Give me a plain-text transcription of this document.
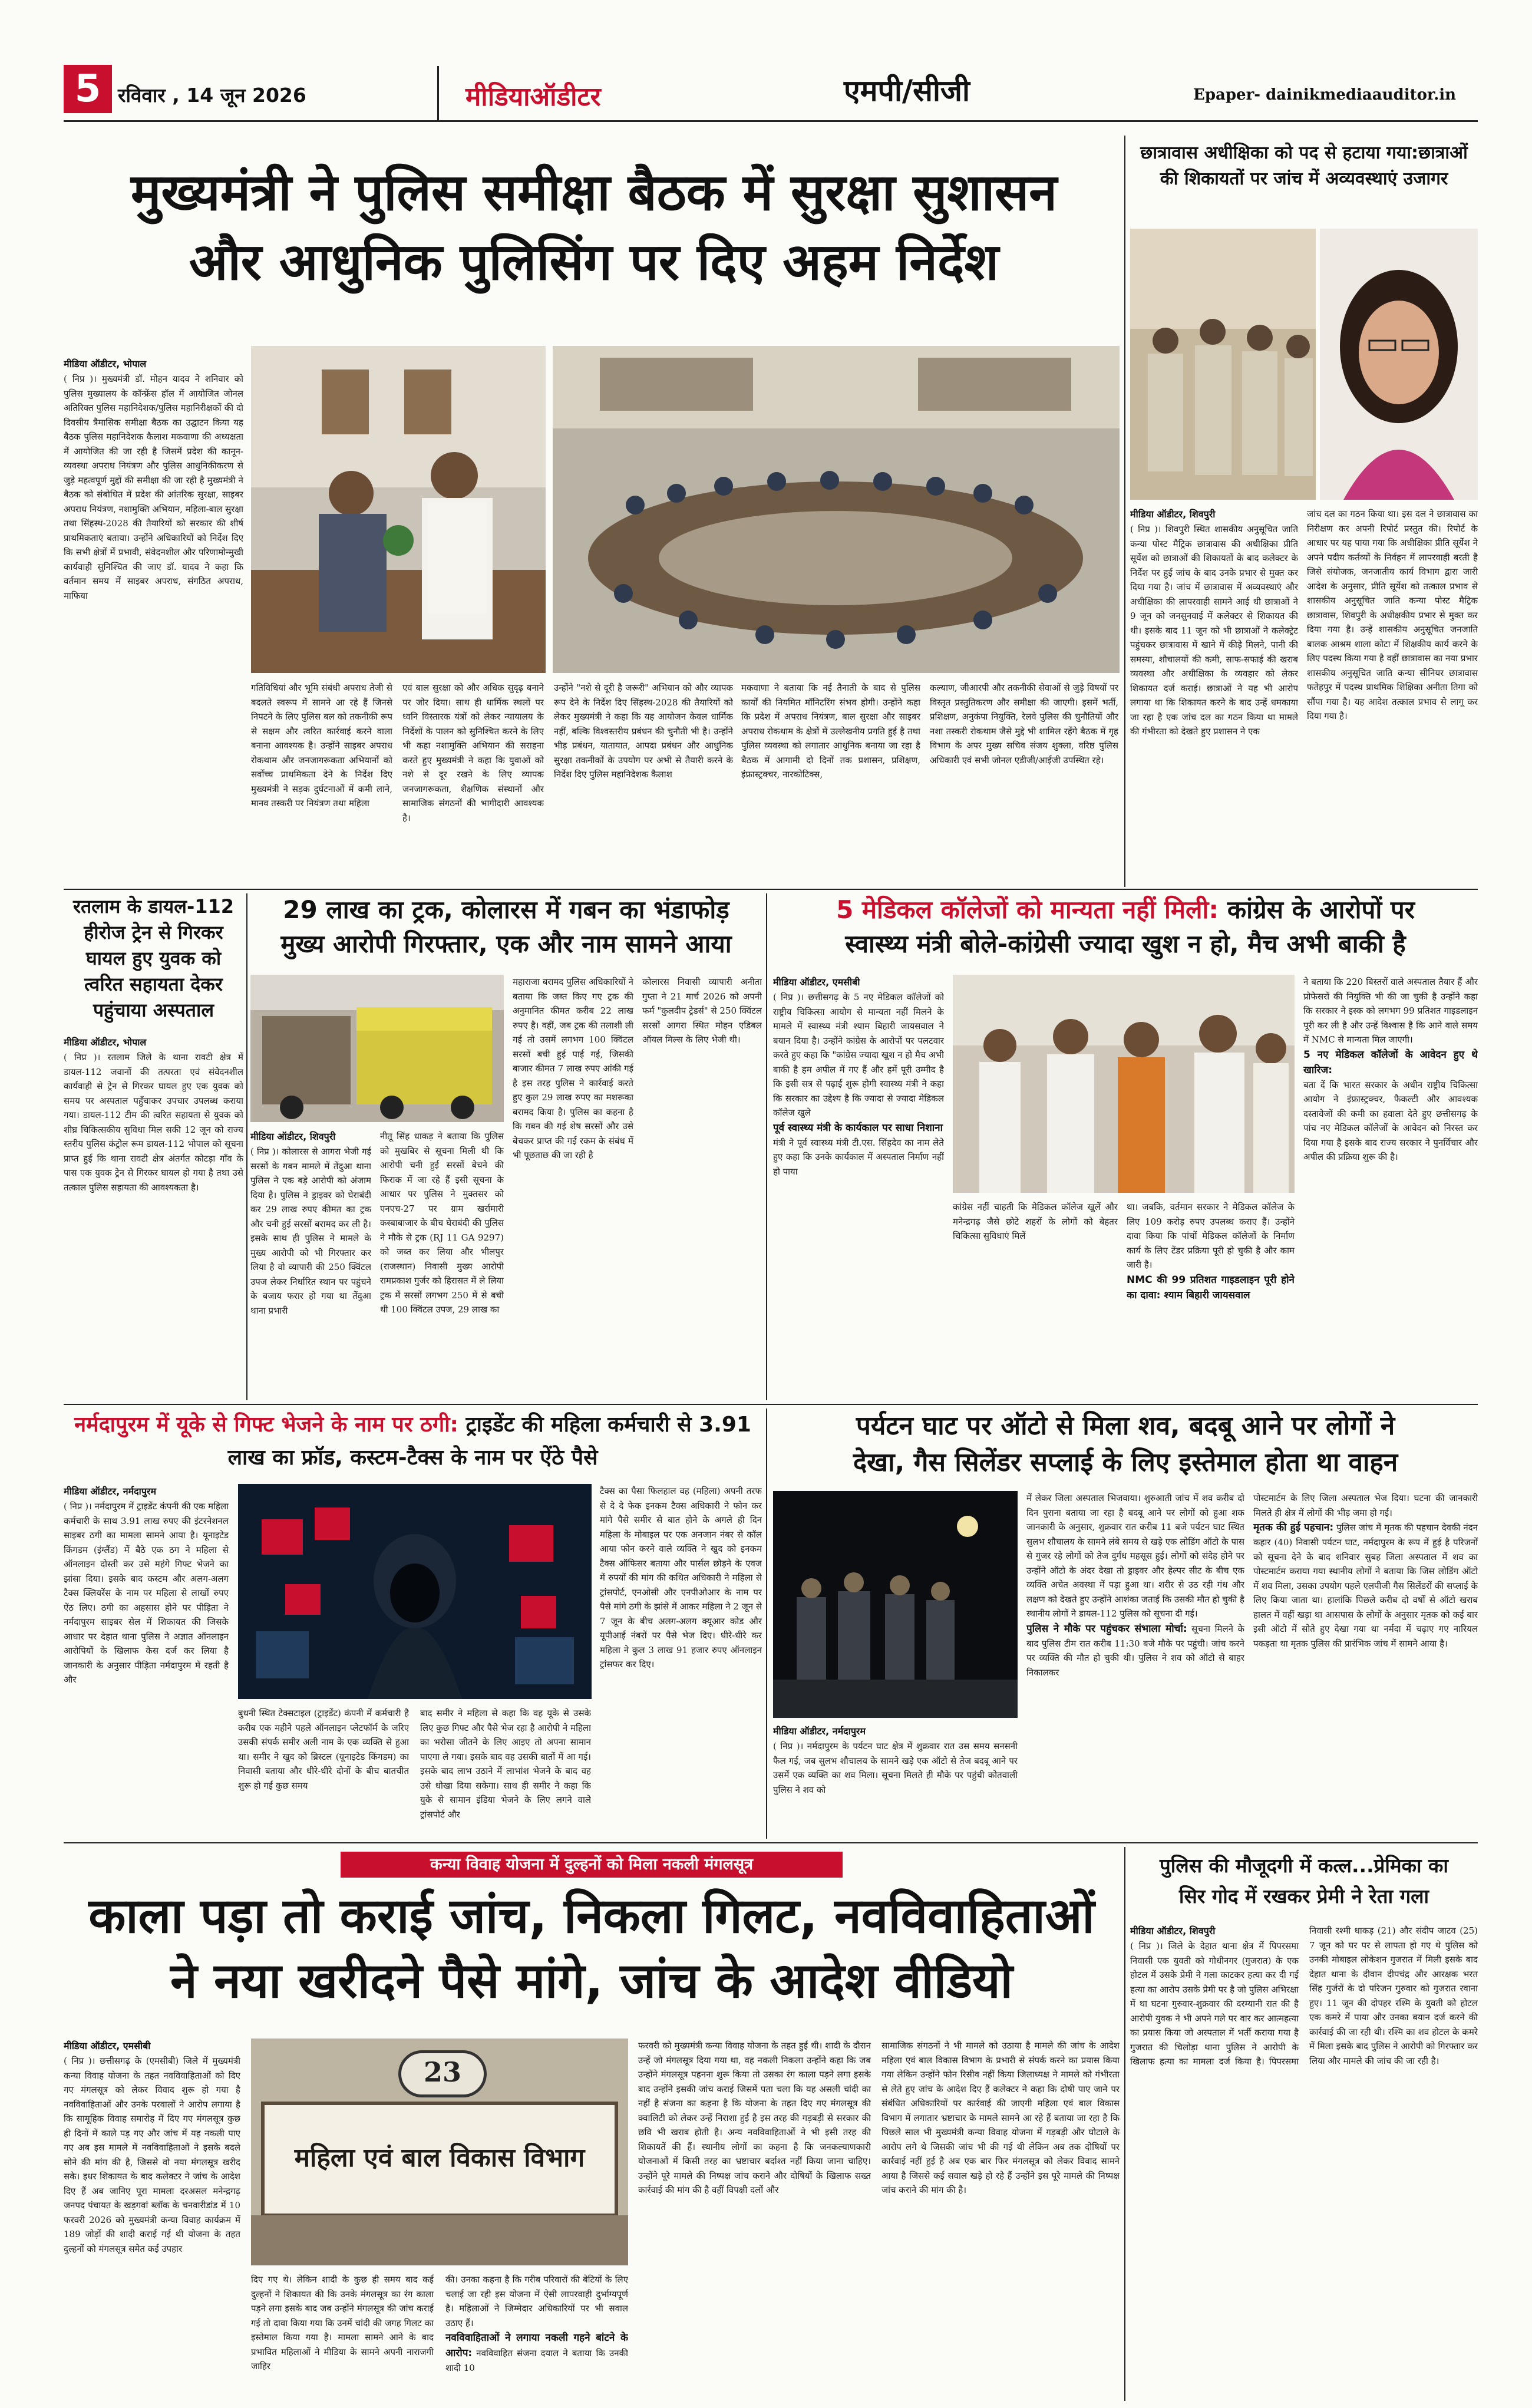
5 रविवार , 14 जून 2026	मीडियाऑडीटर	एमपी/सीजी	Epaper- dainikmediaauditor.in
मुख्यमंत्री ने पुलिस समीक्षा बैठक में सुरक्षा सुशासन
और आधुनिक पुलिसिंग पर दिए अहम निर्देश
मीडिया ऑडीटर, भोपाल
( निप्र )। मुख्यमंत्री डॉ. मोहन यादव ने शनिवार को पुलिस मुख्यालय के कॉन्फ्रेंस हॉल में आयोजित जोनल अतिरिक्त पुलिस महानिदेशक/पुलिस महानिरीक्षकों की दो दिवसीय त्रैमासिक समीक्षा बैठक का उद्घाटन किया यह बैठक पुलिस महानिदेशक कैलाश मकवाणा की अध्यक्षता में आयोजित की जा रही है जिसमें प्रदेश की कानून-व्यवस्था अपराध नियंत्रण और पुलिस आधुनिकीकरण से जुड़े महत्वपूर्ण मुद्दों की समीक्षा की जा रही है मुख्यमंत्री ने बैठक को संबोधित में प्रदेश की आंतरिक सुरक्षा, साइबर अपराध नियंत्रण, नशामुक्ति अभियान, महिला-बाल सुरक्षा तथा सिंहस्थ-2028 की तैयारियों को सरकार की शीर्ष प्राथमिकताएं बताया। उन्होंने अधिकारियों को निर्देश दिए कि सभी क्षेत्रों में प्रभावी, संवेदनशील और परिणामोन्मुखी कार्यवाही सुनिश्चित की जाए डॉ. यादव ने कहा कि वर्तमान समय में साइबर अपराध, संगठित अपराध, माफिया
गतिविधियां और भूमि संबंधी अपराध तेजी से बदलते स्वरूप में सामने आ रहे हैं जिनसे निपटने के लिए पुलिस बल को तकनीकी रूप से सक्षम और त्वरित कार्रवाई करने वाला बनाना आवश्यक है। उन्होंने साइबर अपराध रोकथाम और जनजागरूकता अभियानों को सर्वोच्च प्राथमिकता देने के निर्देश दिए मुख्यमंत्री ने सड़क दुर्घटनाओं में कमी लाने, मानव तस्करी पर नियंत्रण तथा महिला
एवं बाल सुरक्षा को और अधिक सुदृढ़ बनाने पर जोर दिया। साथ ही धार्मिक स्थलों पर ध्वनि विस्तारक यंत्रों को लेकर न्यायालय के निर्देशों के पालन को सुनिश्चित करने के लिए भी कहा नशामुक्ति अभियान की सराहना करते हुए मुख्यमंत्री ने कहा कि युवाओं को नशे से दूर रखने के लिए व्यापक जनजागरूकता, शैक्षणिक संस्थानों और सामाजिक संगठनों की भागीदारी आवश्यक है।
उन्होंने "नशे से दूरी है जरूरी" अभियान को और व्यापक रूप देने के निर्देश दिए सिंहस्थ-2028 की तैयारियों को लेकर मुख्यमंत्री ने कहा कि यह आयोजन केवल धार्मिक नहीं, बल्कि विश्वस्तरीय प्रबंधन की चुनौती भी है। उन्होंने भीड़ प्रबंधन, यातायात, आपदा प्रबंधन और आधुनिक सुरक्षा तकनीकों के उपयोग पर अभी से तैयारी करने के निर्देश दिए पुलिस महानिदेशक कैलाश
मकवाणा ने बताया कि नई तैनाती के बाद से पुलिस कार्यों की नियमित मॉनिटरिंग संभव होगी। उन्होंने कहा कि प्रदेश में अपराध नियंत्रण, बाल सुरक्षा और साइबर अपराध रोकथाम के क्षेत्रों में उल्लेखनीय प्रगति हुई है तथा पुलिस व्यवस्था को लगातार आधुनिक बनाया जा रहा है बैठक में आगामी दो दिनों तक प्रशासन, प्रशिक्षण, इंफ्रास्ट्रक्चर, नारकोटिक्स,
कल्याण, जीआरपी और तकनीकी सेवाओं से जुड़े विषयों पर विस्तृत प्रस्तुतिकरण और समीक्षा की जाएगी। इसमें भर्ती, प्रशिक्षण, अनुकंपा नियुक्ति, रेलवे पुलिस की चुनौतियों और नशा तस्करी रोकथाम जैसे मुद्दे भी शामिल रहेंगे बैठक में गृह विभाग के अपर मुख्य सचिव संजय शुक्ला, वरिष्ठ पुलिस अधिकारी एवं सभी जोनल एडीजी/आईजी उपस्थित रहे।
छात्रावास अधीक्षिका को पद से हटाया गया:छात्राओं की शिकायतों पर जांच में अव्यवस्थाएं उजागर
मीडिया ऑडीटर, शिवपुरी
( निप्र )। शिवपुरी स्थित शासकीय अनुसूचित जाति कन्या पोस्ट मैट्रिक छात्रावास की अधीक्षिका प्रीति सूर्येश को छात्राओं की शिकायतों के बाद कलेक्टर के निर्देश पर हुई जांच के बाद उनके प्रभार से मुक्त कर दिया गया है। जांच में छात्रावास में अव्यवस्थाएं और अधीक्षिका की लापरवाही सामने आई थी छात्राओं ने 9 जून को जनसुनवाई में कलेक्टर से शिकायत की थी। इसके बाद 11 जून को भी छात्राओं ने कलेक्ट्रेट पहुंचकर छात्रावास में खाने में कीड़े मिलने, पानी की समस्या, शौचालयों की कमी, साफ-सफाई की खराब व्यवस्था और अधीक्षिका के व्यवहार को लेकर शिकायत दर्ज कराई। छात्राओं ने यह भी आरोप लगाया था कि शिकायत करने के बाद उन्हें धमकाया जा रहा है एक जांच दल का गठन किया था मामले की गंभीरता को देखते हुए प्रशासन ने एक
जांच दल का गठन किया था। इस दल ने छात्रावास का निरीक्षण कर अपनी रिपोर्ट प्रस्तुत की। रिपोर्ट के आधार पर यह पाया गया कि अधीक्षिका प्रीति सूर्येश ने अपने पदीय कर्तव्यों के निर्वहन में लापरवाही बरती है जिसे संयोजक, जनजातीय कार्य विभाग द्वारा जारी आदेश के अनुसार, प्रीति सूर्येश को तत्काल प्रभाव से शासकीय अनुसूचित जाति कन्या पोस्ट मैट्रिक छात्रावास, शिवपुरी के अधीक्षकीय प्रभार से मुक्त कर दिया गया है। उन्हें शासकीय अनुसूचित जनजाति बालक आश्रम शाला कोटा में शिक्षकीय कार्य करने के लिए पदस्थ किया गया है वहीं छात्रावास का नया प्रभार शासकीय अनुसूचित जाति कन्या सीनियर छात्रावास फतेहपुर में पदस्थ प्राथमिक शिक्षिका अनीता तिगा को सौंपा गया है। यह आदेश तत्काल प्रभाव से लागू कर दिया गया है।
रतलाम के डायल-112 हीरोज ट्रेन से गिरकर घायल हुए युवक को त्वरित सहायता देकर पहुंचाया अस्पताल
मीडिया ऑडीटर, भोपाल
( निप्र )। रतलाम जिले के थाना रावटी क्षेत्र में डायल-112 जवानों की तत्परता एवं संवेदनशील कार्यवाही से ट्रेन से गिरकर घायल हुए एक युवक को समय पर अस्पताल पहुँचाकर उपचार उपलब्ध कराया गया। डायल-112 टीम की त्वरित सहायता से युवक को शीघ्र चिकित्सकीय सुविधा मिल सकी 12 जून को राज्य स्तरीय पुलिस कंट्रोल रूम डायल-112 भोपाल को सूचना प्राप्त हुई कि थाना रावटी क्षेत्र अंतर्गत कोटड़ा गाँव के पास एक युवक ट्रेन से गिरकर घायल हो गया है तथा उसे तत्काल पुलिस सहायता की आवश्यकता है।
29 लाख का ट्रक, कोलारस में गबन का भंडाफोड़
मुख्य आरोपी गिरफ्तार, एक और नाम सामने आया
मीडिया ऑडीटर, शिवपुरी
( निप्र )। कोलारस से आगरा भेजी गई सरसों के गबन मामले में तेंदुआ थाना पुलिस ने एक बड़े आरोपी को अंजाम दिया है। पुलिस ने ड्राइवर को घेराबंदी कर 29 लाख रुपए कीमत का ट्रक और चनी हुई सरसों बरामद कर ली है। इसके साथ ही पुलिस ने मामले के मुख्य आरोपी को भी गिरफ्तार कर लिया है वो व्यापारी की 250 क्विंटल उपज लेकर निर्धारित स्थान पर पहुंचने के बजाय फरार हो गया था तेंदुआ थाना प्रभारी
नीतू सिंह धाकड़ ने बताया कि पुलिस को मुखबिर से सूचना मिली थी कि आरोपी चनी हुई सरसों बेचने की फिराक में जा रहे हैं इसी सूचना के आधार पर पुलिस ने मुक्तसर को एनएच-27 पर ग्राम खर्रामारी कस्बाबाजार के बीच घेराबंदी की पुलिस ने मौके से ट्रक (RJ 11 GA 9297) को जब्त कर लिया और भीलपुर (राजस्थान) निवासी मुख्य आरोपी रामप्रकाश गुर्जर को हिरासत में ले लिया ट्रक में सरसों लगभग 250 में से बची थी 100 क्विंटल उपज, 29 लाख का
महाराजा बरामद पुलिस अधिकारियों ने बताया कि जब्त किए गए ट्रक की अनुमानित कीमत करीब 22 लाख रुपए है। वहीं, जब ट्रक की तलाशी ली गई तो उसमें लगभग 100 क्विंटल सरसों बची हुई पाई गई, जिसकी बाजार कीमत 7 लाख रुपए आंकी गई है इस तरह पुलिस ने कार्रवाई करते हुए कुल 29 लाख रुपए का मशरूका बरामद किया है। पुलिस का कहना है कि गबन की गई शेष सरसों और उसे बेचकर प्राप्त की गई रकम के संबंध में भी पूछताछ की जा रही है
कोलारस निवासी व्यापारी अनीता गुप्ता ने 21 मार्च 2026 को अपनी फर्म "कुलदीप ट्रेडर्स" से 250 क्विंटल सरसों आगरा स्थित मोहन एडिबल ऑयल मिल्स के लिए भेजी थी।
5 मेडिकल कॉलेजों को मान्यता नहीं मिली: कांग्रेस के आरोपों पर
स्वास्थ्य मंत्री बोले-कांग्रेसी ज्यादा खुश न हो, मैच अभी बाकी है
मीडिया ऑडीटर, एमसीबी
( निप्र )। छत्तीसगढ़ के 5 नए मेडिकल कॉलेजों को राष्ट्रीय चिकित्सा आयोग से मान्यता नहीं मिलने के मामले में स्वास्थ्य मंत्री श्याम बिहारी जायसवाल ने बयान दिया है। उन्होंने कांग्रेस के आरोपों पर पलटवार करते हुए कहा कि "कांग्रेस ज्यादा खुश न हो मैच अभी बाकी है हम अपील में गए हैं और हमें पूरी उम्मीद है कि इसी सत्र से पढ़ाई शुरू होगी स्वास्थ्य मंत्री ने कहा कि सरकार का उद्देश्य है कि ज्यादा से ज्यादा मेडिकल कॉलेज खुले
पूर्व स्वास्थ्य मंत्री के कार्यकाल पर साधा निशाना
मंत्री ने पूर्व स्वास्थ्य मंत्री टी.एस. सिंहदेव का नाम लेते हुए कहा कि उनके कार्यकाल में अस्पताल निर्माण नहीं हो पाया
कांग्रेस नहीं चाहती कि मेडिकल कॉलेज खुलें और मनेन्द्रगढ़ जैसे छोटे शहरों के लोगों को बेहतर चिकित्सा सुविधाएं मिलें
था। जबकि, वर्तमान सरकार ने मेडिकल कॉलेज के लिए 109 करोड़ रुपए उपलब्ध कराए हैं। उन्होंने दावा किया कि पांचों मेडिकल कॉलेजों के निर्माण कार्य के लिए टेंडर प्रक्रिया पूरी हो चुकी है और काम जारी है।
NMC की 99 प्रतिशत गाइडलाइन पूरी होने का दावा: श्याम बिहारी जायसवाल
ने बताया कि 220 बिस्तरों वाले अस्पताल तैयार हैं और प्रोफेसरों की नियुक्ति भी की जा चुकी है उन्होंने कहा कि सरकार ने इस्क को लगभग 99 प्रतिशत गाइडलाइन पूरी कर ली है और उन्हें विश्वास है कि आने वाले समय में NMC से मान्यता मिल जाएगी।
5 नए मेडिकल कॉलेजों के आवेदन हुए थे खारिज:
बता दें कि भारत सरकार के अधीन राष्ट्रीय चिकित्सा आयोग ने इंफ्रास्ट्रक्चर, फैकल्टी और आवश्यक दस्तावेजों की कमी का हवाला देते हुए छत्तीसगढ़ के पांच नए मेडिकल कॉलेजों के आवेदन को निरस्त कर दिया गया है इसके बाद राज्य सरकार ने पुनर्विचार और अपील की प्रक्रिया शुरू की है।
नर्मदापुरम में यूके से गिफ्ट भेजने के नाम पर ठगी: ट्राइडेंट की महिला कर्मचारी से 3.91 लाख का फ्रॉड, कस्टम-टैक्स के नाम पर ऐंठे पैसे
मीडिया ऑडीटर, नर्मदापुरम
( निप्र )। नर्मदापुरम में ट्राइडेंट कंपनी की एक महिला कर्मचारी के साथ 3.91 लाख रुपए की इंटरनेशनल साइबर ठगी का मामला सामने आया है। यूनाइटेड किंगडम (इंग्लैंड) में बैठे एक ठग ने महिला से ऑनलाइन दोस्ती कर उसे महंगे गिफ्ट भेजने का झांसा दिया। इसके बाद कस्टम और अलग-अलग टैक्स क्लियरेंस के नाम पर महिला से लाखों रुपए ऐंठ लिए। ठगी का अहसास होने पर पीड़िता ने नर्मदापुरम साइबर सेल में शिकायत की जिसके आधार पर देहात थाना पुलिस ने अज्ञात ऑनलाइन आरोपियों के खिलाफ केस दर्ज कर लिया है जानकारी के अनुसार पीड़िता नर्मदापुरम में रहती है और
बुधनी स्थित टेक्सटाइल (ट्राइडेंट) कंपनी में कर्मचारी है करीब एक महीने पहले ऑनलाइन प्लेटफॉर्म के जरिए उसकी संपर्क समीर अली नाम के एक व्यक्ति से हुआ था। समीर ने खुद को ब्रिस्टल (यूनाइटेड किंगडम) का निवासी बताया और धीरे-धीरे दोनों के बीच बातचीत शुरू हो गई कुछ समय
बाद समीर ने महिला से कहा कि वह यूके से उसके लिए कुछ गिफ्ट और पैसे भेज रहा है आरोपी ने महिला का भरोसा जीतने के लिए आइए तो अपना सामान पाएगा ले गया। इसके बाद वह उसकी बातों में आ गई। इसके बाद लाभ उठाने में लाभांश भेजने के बाद वह उसे धोखा दिया सकेगा। साथ ही समीर ने कहा कि युके से सामान इंडिया भेजने के लिए लगने वाले ट्रांसपोर्ट और
टैक्स का पैसा फिलहाल वह (महिला) अपनी तरफ से दे दे फेक इनकम टैक्स अधिकारी ने फोन कर मांगे पैसे समीर से बात होने के अगले ही दिन महिला के मोबाइल पर एक अनजान नंबर से कॉल आया फोन करने वाले व्यक्ति ने खुद को इनकम टैक्स ऑफिसर बताया और पार्सल छोड़ने के एवज में रुपयों की मांग की कथित अधिकारी ने महिला से ट्रांसपोर्ट, एनओसी और एनपीओआर के नाम पर पैसे मांगे ठगी के झांसे में आकर महिला ने 2 जून से 7 जून के बीच अलग-अलग क्यूआर कोड और यूपीआई नंबरों पर पैसे भेज दिए। धीरे-धीरे कर महिला ने कुल 3 लाख 91 हजार रुपए ऑनलाइन ट्रांसफर कर दिए।
पर्यटन घाट पर ऑटो से मिला शव, बदबू आने पर लोगों ने
देखा, गैस सिलेंडर सप्लाई के लिए इस्तेमाल होता था वाहन
मीडिया ऑडीटर, नर्मदापुरम
( निप्र )। नर्मदापुरम के पर्यटन घाट क्षेत्र में शुक्रवार रात उस समय सनसनी फैल गई, जब सुलभ शौचालय के सामने खड़े एक ऑटो से तेज बदबू आने पर उसमें एक व्यक्ति का शव मिला। सूचना मिलते ही मौके पर पहुंची कोतवाली पुलिस ने शव को
में लेकर जिला अस्पताल भिजवाया। शुरुआती जांच में शव करीब दो दिन पुराना बताया जा रहा है बदबू आने पर लोगों को हुआ शक जानकारी के अनुसार, शुक्रवार रात करीब 11 बजे पर्यटन घाट स्थित सुलभ शौचालय के सामने लंबे समय से खड़े एक लोडिंग ऑटो के पास से गुजर रहे लोगों को तेज दुर्गंध महसूस हुई। लोगों को संदेह होने पर उन्होंने ऑटो के अंदर देखा तो ड्राइवर और हेल्पर सीट के बीच एक व्यक्ति अचेत अवस्था में पड़ा हुआ था। शरीर से उठ रही गंध और लक्षण को देखते हुए उन्होंने आशंका जताई कि उसकी मौत हो चुकी है स्थानीय लोगों ने डायल-112 पुलिस को सूचना दी गई।
पुलिस ने मौके पर पहुंचकर संभाला मोर्चा: सूचना मिलने के बाद पुलिस टीम रात करीब 11:30 बजे मौके पर पहुंची। जांच करने पर व्यक्ति की मौत हो चुकी थी। पुलिस ने शव को ऑटो से बाहर निकालकर
पोस्टमार्टम के लिए जिला अस्पताल भेज दिया। घटना की जानकारी मिलते ही क्षेत्र में लोगों की भीड़ जमा हो गई।
मृतक की हुई पहचान: पुलिस जांच में मृतक की पहचान देवकी नंदन कहार (40) निवासी पर्यटन घाट, नर्मदापुरम के रूप में हुई है परिजनों को सूचना देने के बाद शनिवार सुबह जिला अस्पताल में शव का पोस्टमार्टम कराया गया स्थानीय लोगों ने बताया कि जिस लोडिंग ऑटो में शव मिला, उसका उपयोग पहले एलपीजी गैस सिलेंडरों की सप्लाई के लिए किया जाता था। हालांकि पिछले करीब दो वर्षों से ऑटो खराब हालत में वहीं खड़ा था आसपास के लोगों के अनुसार मृतक को कई बार इसी ऑटो में सोते हुए देखा गया था नर्मदा में चढ़ाए गए नारियल पकड़ता था मृतक पुलिस की प्रारंभिक जांच में सामने आया है।
कन्या विवाह योजना में दुल्हनों को मिला नकली मंगलसूत्र
काला पड़ा तो कराई जांच, निकला गिलट, नवविवाहिताओं
ने नया खरीदने पैसे मांगे, जांच के आदेश वीडियो
मीडिया ऑडीटर, एमसीबी
( निप्र )। छत्तीसगढ़ के (एमसीबी) जिले में मुख्यमंत्री कन्या विवाह योजना के तहत नवविवाहिताओं को दिए गए मंगलसूत्र को लेकर विवाद शुरू हो गया है नवविवाहिताओं और उनके परवालों ने आरोप लगाया है कि सामूहिक विवाह समारोह में दिए गए मंगलसूत्र कुछ ही दिनों में काले पड़ गए और जांच में यह नकली पाए गए अब इस मामले में नवविवाहिताओं ने इसके बदले सोने की मांग की है, जिससे वो नया मंगलसूत्र खरीद सके। इधर शिकायत के बाद कलेक्टर ने जांच के आदेश दिए हैं अब जानिए पूरा मामला दरअसल मनेन्द्रगढ़ जनपद पंचायत के खड़गवां ब्लॉक के चनवारीडांड में 10 फरवरी 2026 को मुख्यमंत्री कन्या विवाह कार्यक्रम में 189 जोड़ों की शादी कराई गई थी योजना के तहत दुल्हनों को मंगलसूत्र समेत कई उपहार
23
महिला एवं बाल विकास विभाग
दिए गए थे। लेकिन शादी के कुछ ही समय बाद कई दुल्हनों ने शिकायत की कि उनके मंगलसूत्र का रंग काला पड़ने लगा इसके बाद जब उन्होंने मंगलसूत्र की जांच कराई गई तो दावा किया गया कि उनमें चांदी की जगह गिलट का इस्तेमाल किया गया है। मामला सामने आने के बाद प्रभावित महिलाओं ने मीडिया के सामने अपनी नाराजगी जाहिर
की। उनका कहना है कि गरीब परिवारों की बेटियों के लिए चलाई जा रही इस योजना में ऐसी लापरवाही दुर्भाग्यपूर्ण है। महिलाओं ने जिम्मेदार अधिकारियों पर भी सवाल उठाए हैं।
नवविवाहिताओं ने लगाया नकली गहने बांटने के आरोप: नवविवाहित संजना दयाल ने बताया कि उनकी शादी 10
फरवरी को मुख्यमंत्री कन्या विवाह योजना के तहत हुई थी। शादी के दौरान उन्हें जो मंगलसूत्र दिया गया था, वह नकली निकला उन्होंने कहा कि जब उन्होंने मंगलसूत्र पहनना शुरू किया तो उसका रंग काला पड़ने लगा इसके बाद उन्होंने इसकी जांच कराई जिसमें पता चला कि यह असली चांदी का नहीं है संजना का कहना है कि योजना के तहत दिए गए मंगलसूत्र की क्वालिटी को लेकर उन्हें निराशा हुई है इस तरह की गड़बड़ी से सरकार की छवि भी खराब होती है। अन्य नवविवाहिताओं ने भी इसी तरह की शिकायतें की हैं। स्थानीय लोगों का कहना है कि जनकल्याणकारी योजनाओं में किसी तरह का भ्रष्टाचार बर्दाश्त नहीं किया जाना चाहिए। उन्होंने पूरे मामले की निष्पक्ष जांच कराने और दोषियों के खिलाफ सख्त कार्रवाई की मांग की है वहीं विपक्षी दलों और
सामाजिक संगठनों ने भी मामले को उठाया है मामले की जांच के आदेश महिला एवं बाल विकास विभाग के प्रभारी से संपर्क करने का प्रयास किया गया लेकिन उन्होंने फोन रिसीव नहीं किया जिलाध्यक्ष ने मामले को गंभीरता से लेते हुए जांच के आदेश दिए हैं कलेक्टर ने कहा कि दोषी पाए जाने पर संबंधित अधिकारियों पर कार्रवाई की जाएगी महिला एवं बाल विकास विभाग में लगातार भ्रष्टाचार के मामले सामने आ रहे हैं बताया जा रहा है कि पिछले साल भी मुख्यमंत्री कन्या विवाह योजना में गड़बड़ी और घोटाले के आरोप लगे थे जिसकी जांच भी की गई थी लेकिन अब तक दोषियों पर कार्रवाई नहीं हुई है अब एक बार फिर मंगलसूत्र को लेकर विवाद सामने आया है जिससे कई सवाल खड़े हो रहे हैं उन्होंने इस पूरे मामले की निष्पक्ष जांच कराने की मांग की है।
पुलिस की मौजूदगी में कत्ल...प्रेमिका का
सिर गोद में रखकर प्रेमी ने रेता गला
मीडिया ऑडीटर, शिवपुरी
( निप्र )। जिले के देहात थाना क्षेत्र में पिपरसमा निवासी एक युवती को गोधीनगर (गुजरात) के एक होटल में उसके प्रेमी ने गला काटकर हत्या कर दी गई हत्या का आरोप उसके प्रेमी पर है जो पुलिस अभिरक्षा में था घटना गुरुवार-शुक्रवार की दरम्यानी रात की है आरोपी युवक ने भी अपने गले पर वार कर आत्महत्या का प्रयास किया जो अस्पताल में भर्ती कराया गया है गुजरात की चिलोड़ा थाना पुलिस ने आरोपी के खिलाफ हत्या का मामला दर्ज किया है। पिपरसमा निवासी रश्मी धाकड़ (21) और संदीप जाटव (25) 7 जून को घर पर से लापता हो गए थे पुलिस को उनकी मोबाइल लोकेशन गुजरात में मिली इसके बाद देहात थाना के दीवान दीपचंद्र और आरक्षक भरत सिंह गुर्जरों के दो परिजन गुरुवार को गुजरात रवाना हुए। 11 जून की दोपहर रश्मि के युवती को होटल एक कमरे में पाया और उनका बयान दर्ज करने की कार्रवाई की जा रही थी। रश्मि का शव होटल के कमरे में मिला इसके बाद पुलिस ने आरोपी को गिरफ्तार कर लिया और मामले की जांच की जा रही है।
